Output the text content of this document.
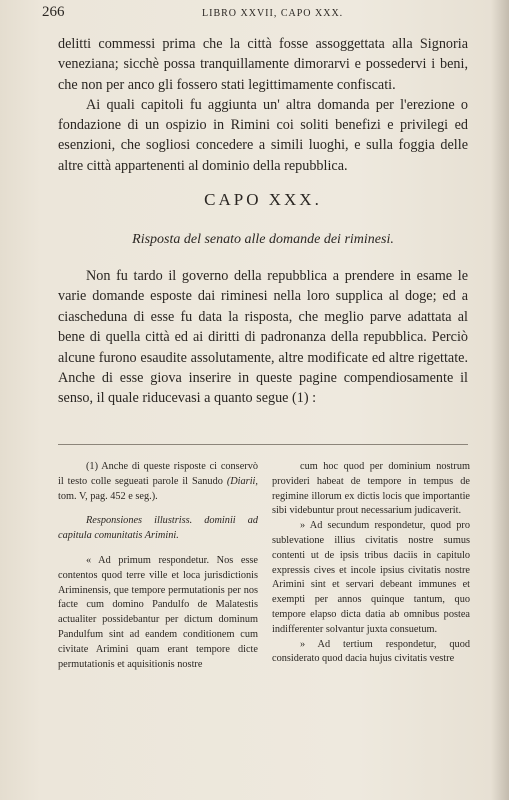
266	LIBRO XXVII, CAPO XXX.

delitti commessi prima che la città fosse assoggettata alla Signoria veneziana; sicchè possa tranquillamente dimorarvi e possedervi i beni, che non per anco gli fossero stati legittimamente confiscati.

Ai quali capitoli fu aggiunta un' altra domanda per l'erezione o fondazione di un ospizio in Rimini coi soliti benefizi e privilegi ed esenzioni, che sogliosi concedere a simili luoghi, e sulla foggia delle altre città appartenenti al dominio della repubblica.

CAPO XXX.
Risposta del senato alle domande dei riminesi.

Non fu tardo il governo della repubblica a prendere in esame le varie domande esposte dai riminesi nella loro supplica al doge; ed a ciascheduna di esse fu data la risposta, che meglio parve adattata al bene di quella città ed ai diritti di padronanza della repubblica. Perciò alcune furono esaudite assolutamente, altre modificate ed altre rigettate. Anche di esse giova inserire in queste pagine compendiosamente il senso, il quale riducevasi a quanto segue (1) :

(1) Anche di queste risposte ci conservò il testo colle segueati parole il Sanudo (Diarii, tom. V, pag. 452 e seg.).

Responsiones illustriss. dominii ad capitula comunitatis Arimini.

« Ad primum respondetur. Nos esse contentos quod terre ville et loca jurisdictionis Ariminensis, que tempore permutationis per nos facte cum domino Pandulfo de Malatestis actualiter possidebantur per dictum dominum Pandulfum sint ad eandem conditionem cum civitate Arimini quam erant tempore dicte permutationis et aquisitionis nostre

cum hoc quod per dominium nostrum provideri habeat de tempore in tempus de regimine illorum ex dictis locis que importantie sibi videbuntur prout necessarium judicaverit.

» Ad secundum respondetur, quod pro sublevatione illius civitatis nostre sumus contenti ut de ipsis tribus daciis in capitulo expressis cives et incole ipsius civitatis nostre Arimini sint et servari debeant immunes et exempti per annos quinque tantum, quo tempore elapso dicta datia ab omnibus postea indifferenter solvantur juxta consuetum.

» Ad tertium respondetur, quod considerato quod dacia hujus civitatis vestre
